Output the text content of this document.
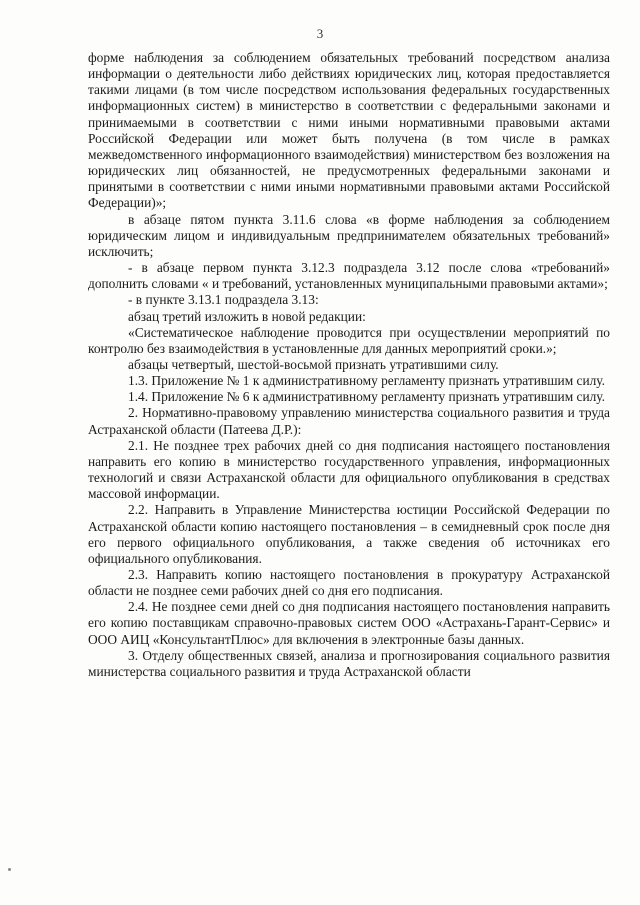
3

форме наблюдения за соблюдением обязательных требований посредством анализа информации о деятельности либо действиях юридических лиц, которая предоставляется такими лицами (в том числе посредством использования федеральных государственных информационных систем) в министерство в соответствии с федеральными законами и принимаемыми в соответствии с ними иными нормативными правовыми актами Российской Федерации или может быть получена (в том числе в рамках межведомственного информационного взаимодействия) министерством без возложения на юридических лиц обязанностей, не предусмотренных федеральными законами и принятыми в соответствии с ними иными нормативными правовыми актами Российской Федерации)»;

в абзаце пятом пункта 3.11.6 слова «в форме наблюдения за соблюдением юридическим лицом и индивидуальным предпринимателем обязательных требований» исключить;

- в абзаце первом пункта 3.12.3 подраздела 3.12 после слова «требований» дополнить словами « и требований, установленных муниципальными правовыми актами»;

- в пункте 3.13.1 подраздела 3.13:

абзац третий изложить в новой редакции:

«Систематическое наблюдение проводится при осуществлении мероприятий по контролю без взаимодействия в установленные для данных мероприятий сроки.»;

абзацы четвертый, шестой-восьмой признать утратившими силу.

1.3. Приложение № 1 к административному регламенту признать утратившим силу.

1.4. Приложение № 6 к административному регламенту признать утратившим силу.

2. Нормативно-правовому управлению министерства социального развития и труда Астраханской области (Патеева Д.Р.):

2.1. Не позднее трех рабочих дней со дня подписания настоящего постановления направить его копию в министерство государственного управления, информационных технологий и связи Астраханской области для официального опубликования в средствах массовой информации.

2.2. Направить в Управление Министерства юстиции Российской Федерации по Астраханской области копию настоящего постановления – в семидневный срок после дня его первого официального опубликования, а также сведения об источниках его официального опубликования.

2.3. Направить копию настоящего постановления в прокуратуру Астраханской области не позднее семи рабочих дней со дня его подписания.

2.4. Не позднее семи дней со дня подписания настоящего постановления направить его копию поставщикам справочно-правовых систем ООО «Астрахань-Гарант-Сервис» и ООО АИЦ «КонсультантПлюс» для включения в электронные базы данных.

3. Отделу общественных связей, анализа и прогнозирования социального развития министерства социального развития и труда Астраханской области
